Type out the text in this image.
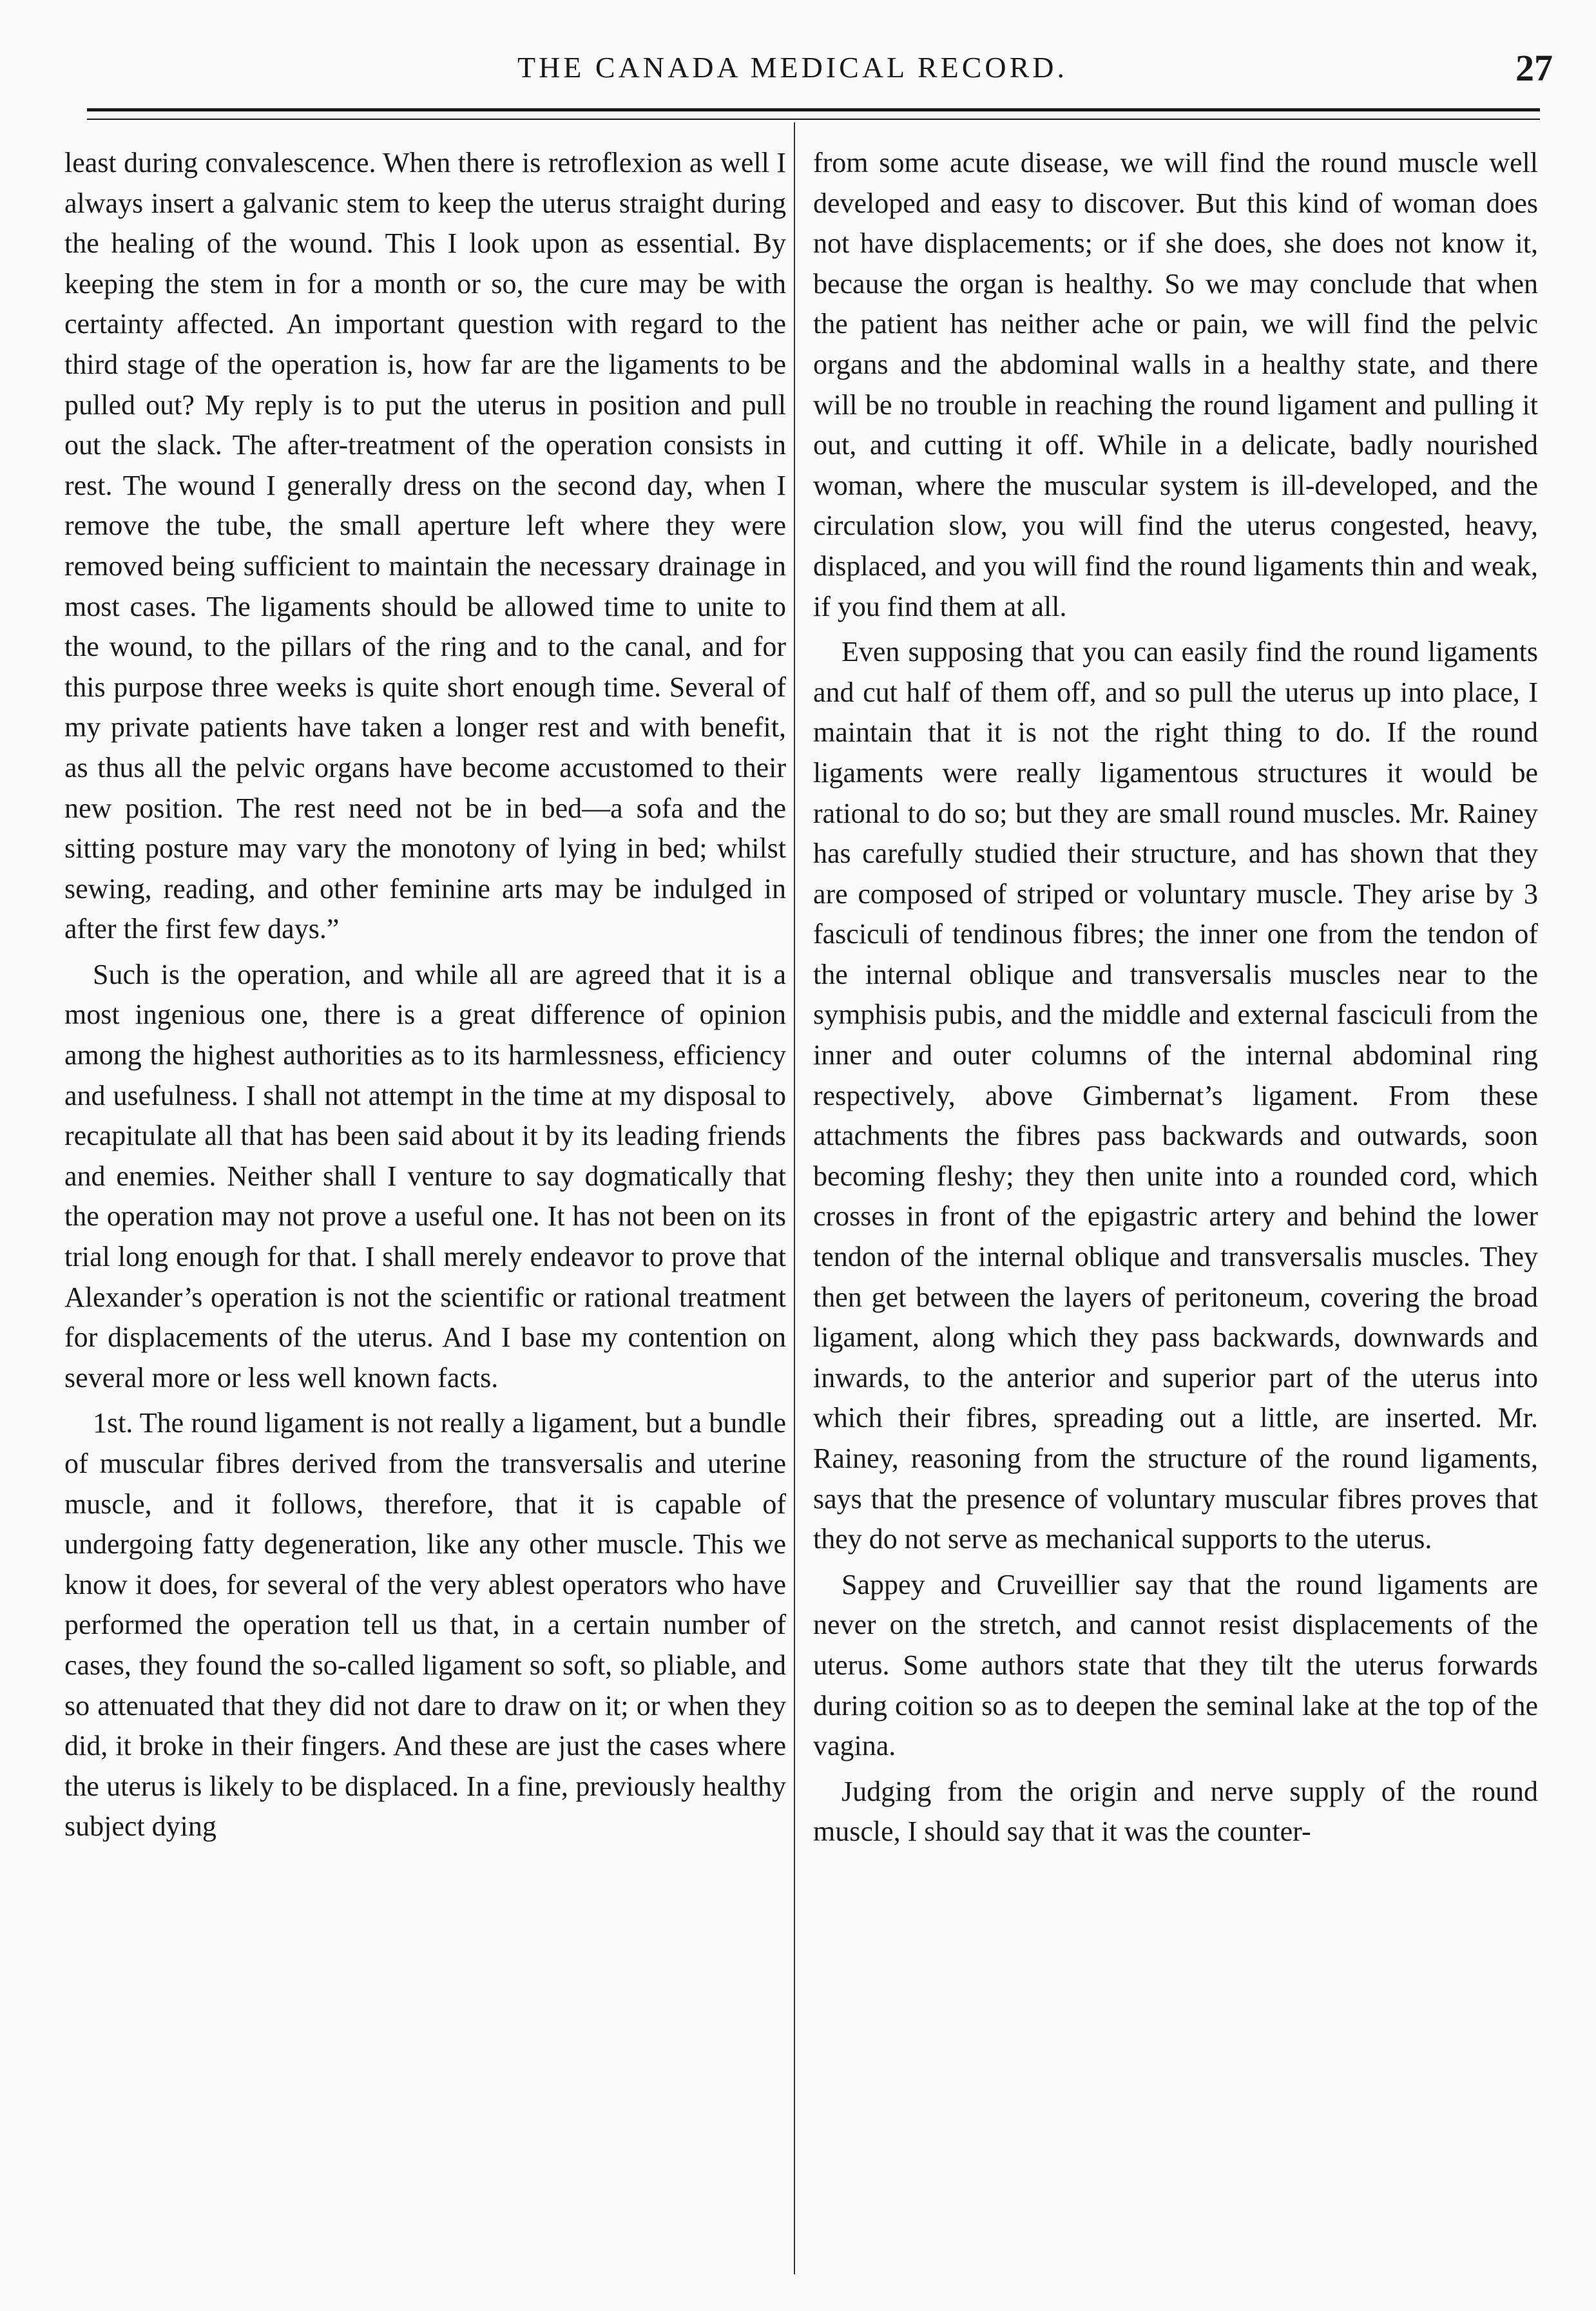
THE CANADA MEDICAL RECORD.	27

least during convalescence. When there is retroflexion as well I always insert a galvanic stem to keep the uterus straight during the healing of the wound. This I look upon as essential. By keeping the stem in for a month or so, the cure may be with certainty affected. An important question with regard to the third stage of the operation is, how far are the ligaments to be pulled out? My reply is to put the uterus in position and pull out the slack. The after-treatment of the operation consists in rest. The wound I generally dress on the second day, when I remove the tube, the small aperture left where they were removed being sufficient to maintain the necessary drainage in most cases. The ligaments should be allowed time to unite to the wound, to the pillars of the ring and to the canal, and for this purpose three weeks is quite short enough time. Several of my private patients have taken a longer rest and with benefit, as thus all the pelvic organs have become accustomed to their new position. The rest need not be in bed—a sofa and the sitting posture may vary the monotony of lying in bed; whilst sewing, reading, and other feminine arts may be indulged in after the first few days.”

Such is the operation, and while all are agreed that it is a most ingenious one, there is a great difference of opinion among the highest authorities as to its harmlessness, efficiency and usefulness. I shall not attempt in the time at my disposal to recapitulate all that has been said about it by its leading friends and enemies. Neither shall I venture to say dogmatically that the operation may not prove a useful one. It has not been on its trial long enough for that. I shall merely endeavor to prove that Alexander’s operation is not the scientific or rational treatment for displacements of the uterus. And I base my contention on several more or less well known facts.

1st. The round ligament is not really a ligament, but a bundle of muscular fibres derived from the transversalis and uterine muscle, and it follows, therefore, that it is capable of undergoing fatty degeneration, like any other muscle. This we know it does, for several of the very ablest operators who have performed the operation tell us that, in a certain number of cases, they found the so-called ligament so soft, so pliable, and so attenuated that they did not dare to draw on it; or when they did, it broke in their fingers. And these are just the cases where the uterus is likely to be displaced. In a fine, previously healthy subject dying

from some acute disease, we will find the round muscle well developed and easy to discover. But this kind of woman does not have displacements; or if she does, she does not know it, because the organ is healthy. So we may conclude that when the patient has neither ache or pain, we will find the pelvic organs and the abdominal walls in a healthy state, and there will be no trouble in reaching the round ligament and pulling it out, and cutting it off. While in a delicate, badly nourished woman, where the muscular system is ill-developed, and the circulation slow, you will find the uterus congested, heavy, displaced, and you will find the round ligaments thin and weak, if you find them at all.

Even supposing that you can easily find the round ligaments and cut half of them off, and so pull the uterus up into place, I maintain that it is not the right thing to do. If the round ligaments were really ligamentous structures it would be rational to do so; but they are small round muscles. Mr. Rainey has carefully studied their structure, and has shown that they are composed of striped or voluntary muscle. They arise by 3 fasciculi of tendinous fibres; the inner one from the tendon of the internal oblique and transversalis muscles near to the symphisis pubis, and the middle and external fasciculi from the inner and outer columns of the internal abdominal ring respectively, above Gimbernat’s ligament. From these attachments the fibres pass backwards and outwards, soon becoming fleshy; they then unite into a rounded cord, which crosses in front of the epigastric artery and behind the lower tendon of the internal oblique and transversalis muscles. They then get between the layers of peritoneum, covering the broad ligament, along which they pass backwards, downwards and inwards, to the anterior and superior part of the uterus into which their fibres, spreading out a little, are inserted. Mr. Rainey, reasoning from the structure of the round ligaments, says that the presence of voluntary muscular fibres proves that they do not serve as mechanical supports to the uterus.

Sappey and Cruveillier say that the round ligaments are never on the stretch, and cannot resist displacements of the uterus. Some authors state that they tilt the uterus forwards during coition so as to deepen the seminal lake at the top of the vagina.

Judging from the origin and nerve supply of the round muscle, I should say that it was the counter-
